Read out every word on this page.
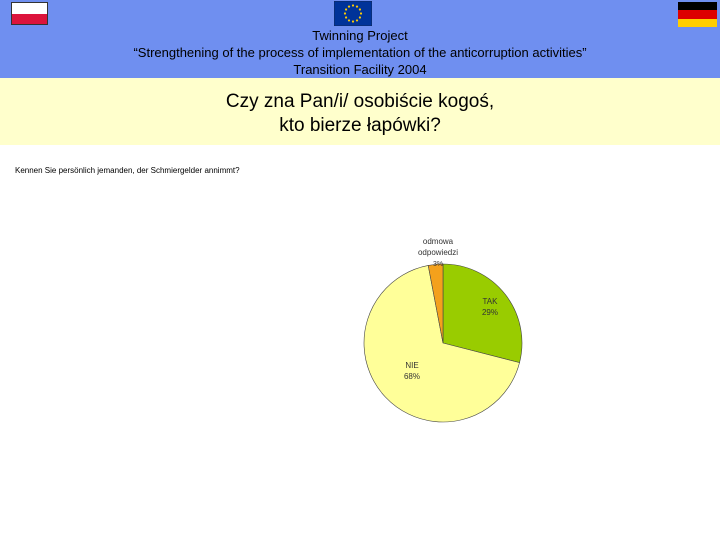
Twinning Project
“Strengthening of the process of implementation of the anticorruption activities”
Transition Facility 2004
Czy zna Pan/i/ osobiście kogoś,
kto bierze łapówki?
Kennen Sie persönlich jemanden, der Schmiergelder annimmt?
odmowa
odpowiedzi
3%
TAK
29%
NIE
68%
